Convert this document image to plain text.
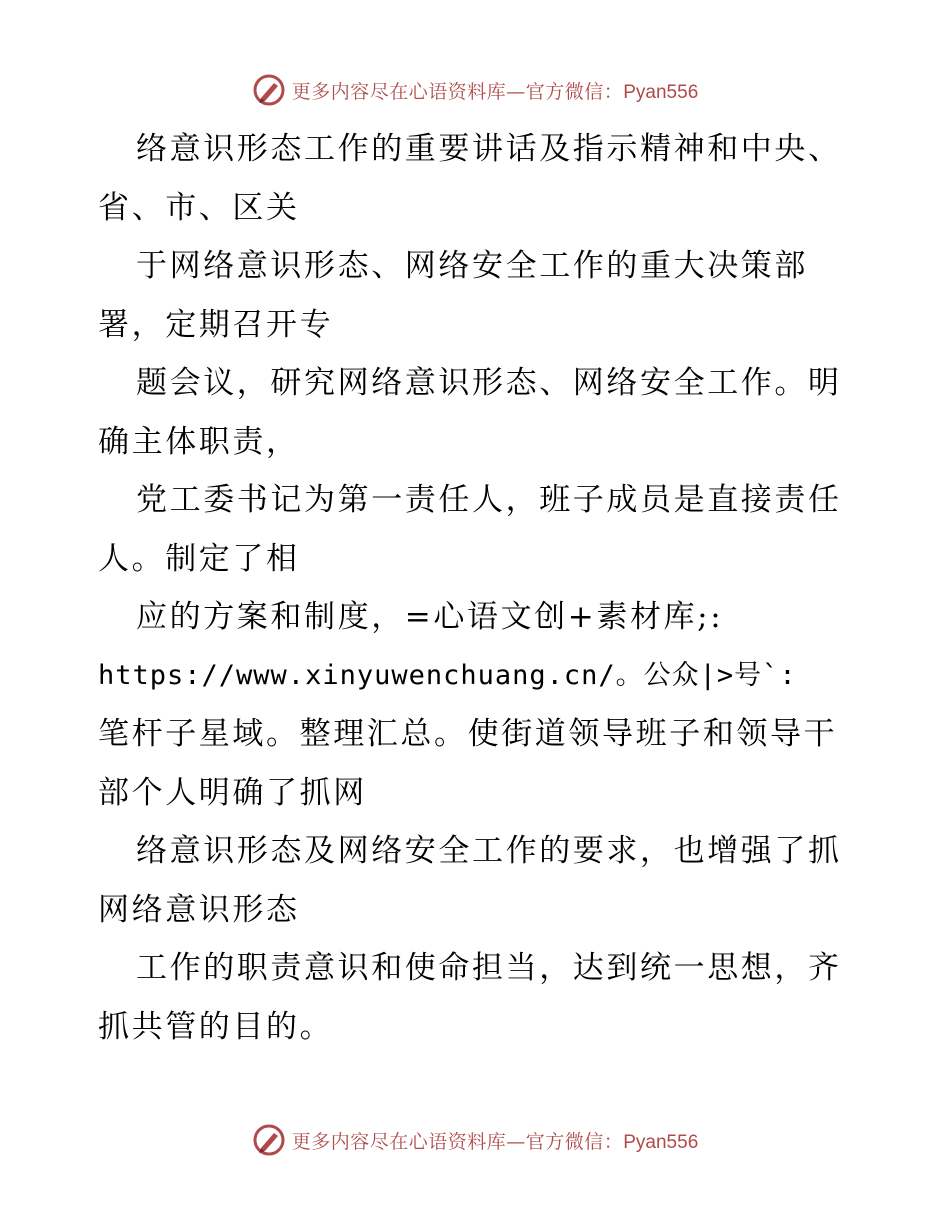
更多内容尽在心语资料库—官方微信：Pyan556

络意识形态工作的重要讲话及指示精神和中央、

省、市、区关

于网络意识形态、网络安全工作的重大决策部

署，定期召开专

题会议，研究网络意识形态、网络安全工作。明

确主体职责，

党工委书记为第一责任人，班子成员是直接责任

人。制定了相

应的方案和制度，=心语文创+素材库;:

https://www.xinyuwenchuang.cn/。公众|>号`:

笔杆子星域。整理汇总。使街道领导班子和领导干

部个人明确了抓网

络意识形态及网络安全工作的要求，也增强了抓

网络意识形态

工作的职责意识和使命担当，达到统一思想，齐

抓共管的目的。

更多内容尽在心语资料库—官方微信：Pyan556
